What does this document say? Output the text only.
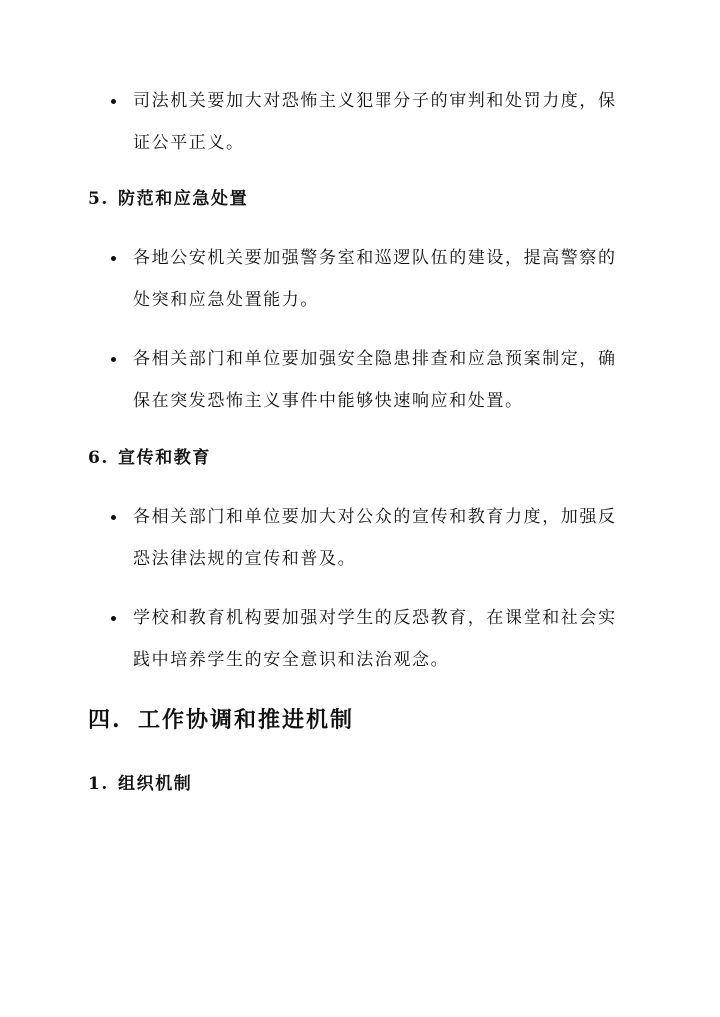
司法机关要加大对恐怖主义犯罪分子的审判和处罚力度，保
证公平正义。
5. 防范和应急处置
各地公安机关要加强警务室和巡逻队伍的建设，提高警察的
处突和应急处置能力。
各相关部门和单位要加强安全隐患排查和应急预案制定，确
保在突发恐怖主义事件中能够快速响应和处置。
6. 宣传和教育
各相关部门和单位要加大对公众的宣传和教育力度，加强反
恐法律法规的宣传和普及。
学校和教育机构要加强对学生的反恐教育，在课堂和社会实
践中培养学生的安全意识和法治观念。
四. 工作协调和推进机制
1. 组织机制
